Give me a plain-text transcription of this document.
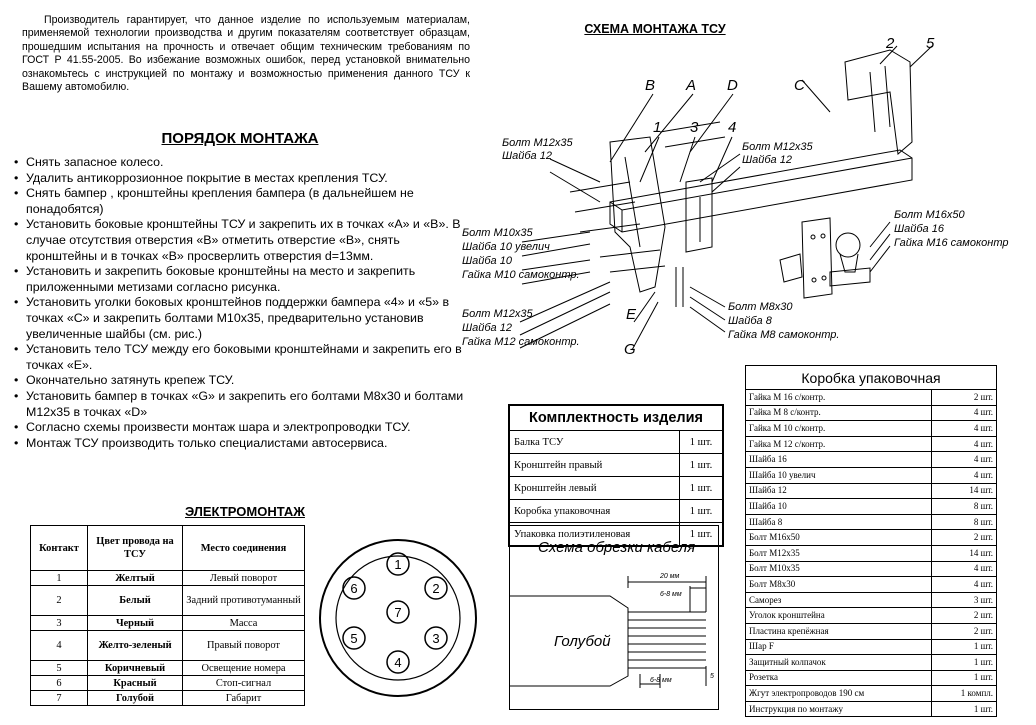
Производитель гарантирует, что данное изделие по используемым материалам, применяемой технологии производства и другим показателям соответствует образцам, прошедшим испытания на прочность и отвечает общим техническим требованиям по ГОСТ Р 41.55-2005. Во избежание возможных ошибок, перед установкой внимательно ознакомьтесь с инструкцией по монтажу и возможностью применения данного ТСУ к Вашему автомобилю.
ПОРЯДОК МОНТАЖА
• Снять запасное колесо.
• Удалить антикоррозионное покрытие в местах крепления ТСУ.
• Снять бампер , кронштейны крепления бампера (в дальнейшем не понадобятся)
• Установить боковые кронштейны ТСУ и закрепить их в точках «А» и «В». В случае отсутствия отверстия «В» отметить отверстие «В», снять кронштейны и в точках «В» просверлить отверстия d=13мм.
• Установить и закрепить боковые кронштейны на место и закрепить приложенными метизами согласно рисунка.
• Установить уголки боковых кронштейнов поддержки бампера «4» и «5» в точках «С» и закрепить болтами M10x35, предварительно установив увеличенные шайбы (см. рис.)
• Установить тело ТСУ между его боковыми кронштейнами и закрепить его в точках «Е».
• Окончательно затянуть крепеж ТСУ.
• Установить бампер в точках «G» и закрепить его болтами M8x30 и болтами M12x35 в точках «D»
• Согласно схемы произвести монтаж шара и электропроводки ТСУ.
• Монтаж ТСУ производить только специалистами автосервиса.
ЭЛЕКТРОМОНТАЖ
Контакт	Цвет провода на ТСУ	Место соединения
1	Желтый	Левый поворот
2	Белый	Задний противотуманный
3	Черный	Масса
4	Желто-зеленый	Правый поворот
5	Коричневый	Освещение номера
6	Красный	Стоп-сигнал
7	Голубой	Габарит
1
2
3
4
5
6
7
СХЕМА МОНТАЖА ТСУ
В А D	С
1 3 4
2 5
Е
G
Болт М12х35
Шайба 12
Болт М12х35
Шайба 12
Болт М10х35
Шайба 10 увелич
Шайба 10
Гайка М10 самоконтр.
Болт М12х35
Шайба 12
Гайка М12 самоконтр.
Болт М8х30
Шайба 8
Гайка М8 самоконтр.
Болт М16х50
Шайба 16
Гайка М16 самоконтр
Комплектность изделия	
Балка ТСУ	1 шт.
Кронштейн правый	1 шт.
Кронштейн левый	1 шт.
Коробка упаковочная	1 шт.
Упаковка полиэтиленовая	1 шт.
Схема обрезки кабеля
20 мм
6-8 мм
Голубой
6-8 мм
5
Коробка упаковочная	
Гайка М 16 с/контр.	2 шт.
Гайка М 8 с/контр.	4 шт.
Гайка М 10 с/контр.	4 шт.
Гайка М 12 с/контр.	4 шт.
Шайба 16	4 шт.
Шайба 10 увелич	4 шт.
Шайба 12	14 шт.
Шайба 10	8 шт.
Шайба 8	8 шт.
Болт M16x50	2 шт.
Болт M12x35	14 шт.
Болт M10x35	4 шт.
Болт M8x30	4 шт.
Саморез	3 шт.
Уголок кронштейна	2 шт.
Пластина крепёжная	2 шт.
Шар F	1 шт.
Защитный колпачок	1 шт.
Розетка	1 шт.
Жгут электропроводов 190 см	1 компл.
Инструкция по монтажу	1 шт.
